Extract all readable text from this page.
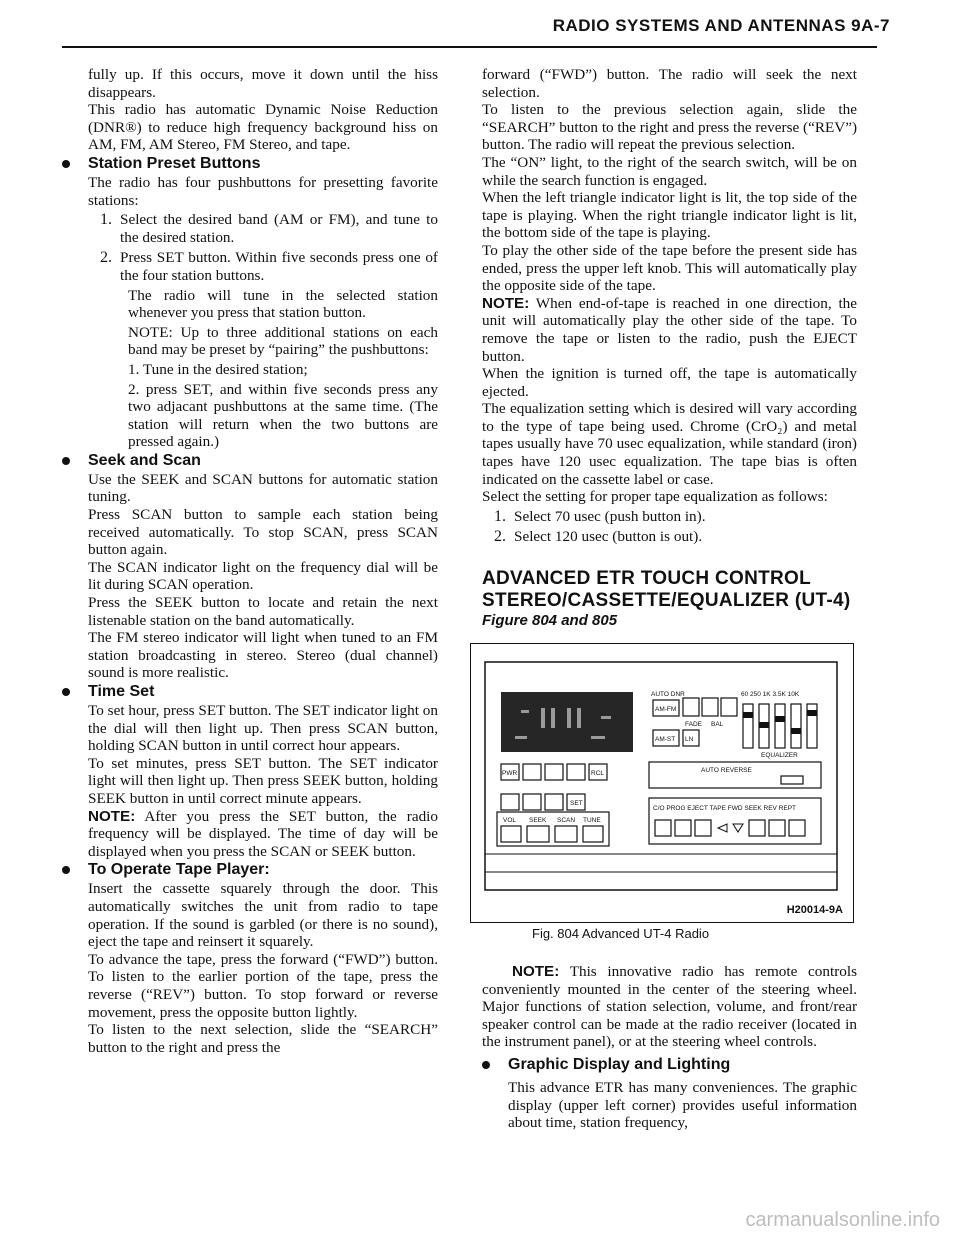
RADIO SYSTEMS AND ANTENNAS 9A-7

fully up. If this occurs, move it down until the hiss disappears.

This radio has automatic Dynamic Noise Reduction (DNR®) to reduce high frequency background hiss on AM, FM, AM Stereo, FM Stereo, and tape.

Station Preset Buttons

The radio has four pushbuttons for presetting favorite stations:

1. Select the desired band (AM or FM), and tune to the desired station.

2. Press SET button. Within five seconds press one of the four station buttons.

The radio will tune in the selected station whenever you press that station button.

NOTE: Up to three additional stations on each band may be preset by “pairing” the pushbuttons:

1. Tune in the desired station;

2. press SET, and within five seconds press any two adjacant pushbuttons at the same time. (The station will return when the two buttons are pressed again.)

Seek and Scan

Use the SEEK and SCAN buttons for automatic station tuning.

Press SCAN button to sample each station being received automatically. To stop SCAN, press SCAN button again.

The SCAN indicator light on the frequency dial will be lit during SCAN operation.

Press the SEEK button to locate and retain the next listenable station on the band automatically.

The FM stereo indicator will light when tuned to an FM station broadcasting in stereo. Stereo (dual channel) sound is more realistic.

Time Set

To set hour, press SET button. The SET indicator light on the dial will then light up. Then press SCAN button, holding SCAN button in until correct hour appears.

To set minutes, press SET button. The SET indicator light will then light up. Then press SEEK button, holding SEEK button in until correct minute appears.

NOTE: After you press the SET button, the radio frequency will be displayed. The time of day will be displayed when you press the SCAN or SEEK button.

To Operate Tape Player:

Insert the cassette squarely through the door. This automatically switches the unit from radio to tape operation. If the sound is garbled (or there is no sound), eject the tape and reinsert it squarely.

To advance the tape, press the forward (“FWD”) button. To listen to the earlier portion of the tape, press the reverse (“REV”) button. To stop forward or reverse movement, press the opposite button lightly.

To listen to the next selection, slide the “SEARCH” button to the right and press the

forward (“FWD”) button. The radio will seek the next selection.

To listen to the previous selection again, slide the “SEARCH” button to the right and press the reverse (“REV”) button. The radio will repeat the previous selection.

The “ON” light, to the right of the search switch, will be on while the search function is engaged.

When the left triangle indicator light is lit, the top side of the tape is playing. When the right triangle indicator light is lit, the bottom side of the tape is playing.

To play the other side of the tape before the present side has ended, press the upper left knob. This will automatically play the opposite side of the tape.

NOTE: When end-of-tape is reached in one direction, the unit will automatically play the other side of the tape. To remove the tape or listen to the radio, push the EJECT button.

When the ignition is turned off, the tape is automatically ejected.

The equalization setting which is desired will vary according to the type of tape being used. Chrome (CrO₂) and metal tapes usually have 70 usec equalization, while standard (iron) tapes have 120 usec equalization. The tape bias is often indicated on the cassette label or case.

Select the setting for proper tape equalization as follows:

1. Select 70 usec (push button in).

2. Select 120 usec (button is out).

ADVANCED ETR TOUCH CONTROL

STEREO/CASSETTE/EQUALIZER (UT-4)

Figure 804 and 805

AUTO DNR
AM-FM
FADE BAL
AM-ST
60 250 1K 3.5K 10K
EQUALIZER
AUTO REVERSE
C/O PROG EJECT TAPE FWD SEEK REV REPT
VOL SEEK SCAN TUNE
PWR	RCL
LN
SET
H20014-9A

Fig. 804 Advanced UT-4 Radio

NOTE: This innovative radio has remote controls conveniently mounted in the center of the steering wheel. Major functions of station selection, volume, and front/rear speaker control can be made at the radio receiver (located in the instrument panel), or at the steering wheel controls.

Graphic Display and Lighting

This advance ETR has many conveniences. The graphic display (upper left corner) provides useful information about time, station frequency,

carmanualsonline.info
